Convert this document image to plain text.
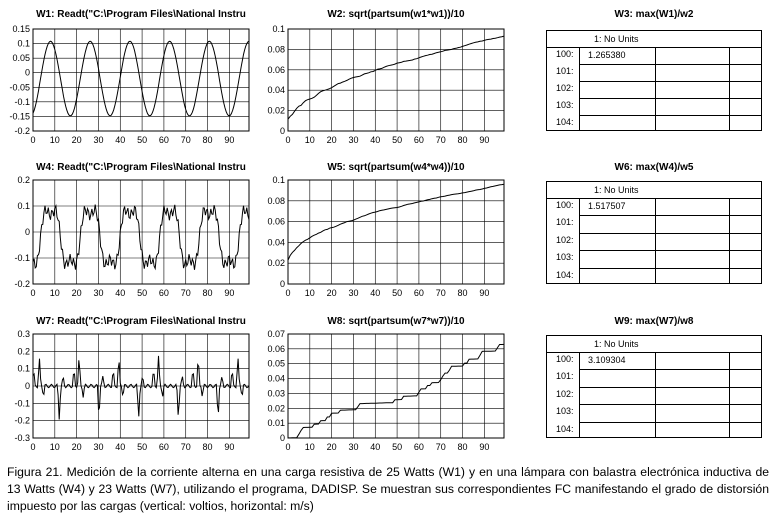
W1: Readt("C:\Program Files\National Instru
0 10 20 30 40 50 60 70 80 90
0.15
0.1
0.05
0
-0.05
-0.1
-0.15
-0.2
W2: sqrt(partsum(w1*w1))/10
0 10 20 30 40 50 60 70 80 90
0.1
0.08
0.06
0.04
0.02
0
W3: max(W1)/w2
1: No Units
100:
101:
102:
103:
104:
1.265380
W4: Readt("C:\Program Files\National Instru
0 10 20 30 40 50 60 70 80 90
0.2
0.1
0
-0.1
-0.2
W5: sqrt(partsum(w4*w4))/10
0 10 20 30 40 50 60 70 80 90
0.1
0.08
0.06
0.04
0.02
0
W6: max(W4)/w5
1: No Units
100:
101:
102:
103:
104:
1.517507
W7: Readt("C:\Program Files\National Instru
0 10 20 30 40 50 60 70 80 90
0.3
0.2
0.1
0
-0.1
-0.2
-0.3
W8: sqrt(partsum(w7*w7))/10
0 10 20 30 40 50 60 70 80 90
0.07
0.06
0.05
0.04
0.03
0.02
0.01
0
W9: max(W7)/w8
1: No Units
100:
101:
102:
103:
104:
3.109304
Figura 21. Medición de la corriente alterna en una carga resistiva de 25 Watts (W1) y en una lámpara con balastra electrónica inductiva de 13 Watts (W4) y 23 Watts (W7), utilizando el programa, DADISP. Se muestran sus correspondientes FC manifestando el grado de distorsión impuesto por las cargas (vertical: voltios, horizontal: m/s)
